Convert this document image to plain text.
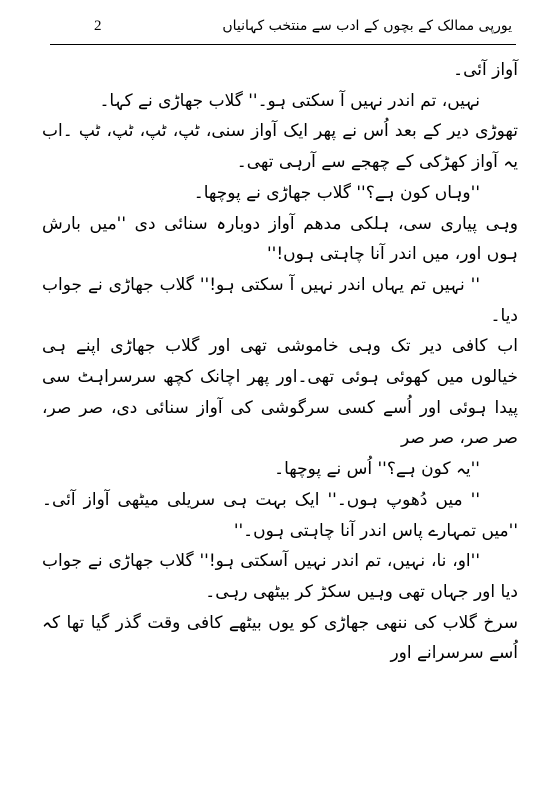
یورپی ممالک کے بچوں کے ادب سے منتخب کہانیاں
2

آواز آئی۔

نہیں، تم اندر نہیں آ سکتی ہو۔'' گلاب جھاڑی نے کہا۔

تھوڑی دیر کے بعد اُس نے پھر ایک آواز سنی، ٹپ، ٹپ، ٹپ، ٹپ ۔اب یہ آواز کھڑکی کے چھجے سے آرہی تھی۔

''وہاں کون ہے؟'' گلاب جھاڑی نے پوچھا۔

وہی پیاری سی، ہلکی مدھم آواز دوبارہ سنائی دی ''میں بارش ہوں اور، میں اندر آنا چاہتی ہوں!''

'' نہیں تم یہاں اندر نہیں آ سکتی ہو!'' گلاب جھاڑی نے جواب دیا۔

اب کافی دیر تک وہی خاموشی تھی اور گلاب جھاڑی اپنے ہی خیالوں میں کھوئی ہوئی تھی۔اور پھر اچانک کچھ سرسراہٹ سی پیدا ہوئی اور اُسے کسی سرگوشی کی آواز سنائی دی، صر صر، صر صر، صر صر

''یہ کون ہے؟'' اُس نے پوچھا۔

'' میں دُھوپ ہوں۔'' ایک بہت ہی سریلی میٹھی آواز آئی۔ ''میں تمہارے پاس اندر آنا چاہتی ہوں۔''

''او، نا، نہیں، تم اندر نہیں آسکتی ہو!'' گلاب جھاڑی نے جواب دیا اور جہاں تھی وہیں سکڑ کر بیٹھی رہی۔

سرخ گلاب کی ننھی جھاڑی کو یوں بیٹھے کافی وقت گذر گیا تھا کہ اُسے سرسرانے اور
